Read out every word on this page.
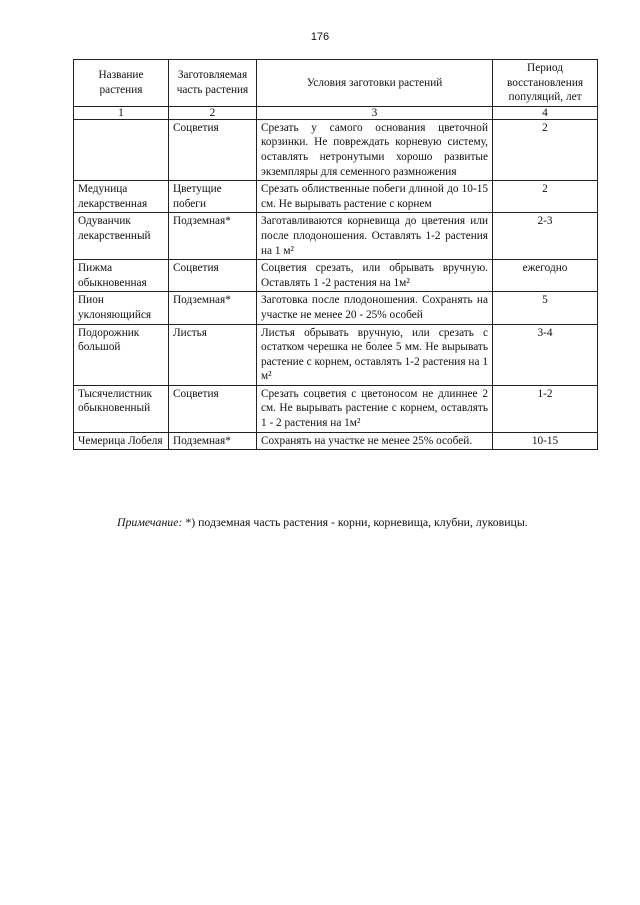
176
Название растения	Заготовляемая часть растения	Условия заготовки растений	Период восстановления популяций, лет
1	2	3	4
	Соцветия	Срезать у самого основания цветочной корзинки. Не повреждать корневую систему, оставлять нетронутыми хорошо развитые экземпляры для семенного размножения	2
Медуница лекарственная	Цветущие побеги	Срезать облиственные побеги длиной до 10-15 см. Не вырывать растение с корнем	2
Одуванчик лекарственный	Подземная*	Заготавливаются корневища до цветения или после плодоношения. Оставлять 1-2 растения на 1 м²	2-3
Пижма обыкновенная	Соцветия	Соцветия срезать, или обрывать вручную. Оставлять 1 -2 растения на 1м²	ежегодно
Пион уклоняющийся	Подземная*	Заготовка после плодоношения. Сохранять на участке не менее 20 - 25% особей	5
Подорожник большой	Листья	Листья обрывать вручную, или срезать с остатком черешка не более 5 мм. Не вырывать растение с корнем, оставлять 1-2 растения на 1 м²	3-4
Тысячелистник обыкновенный	Соцветия	Срезать соцветия с цветоносом не длиннее 2 см. Не вырывать растение с корнем, оставлять 1 - 2 растения на 1м²	1-2
Чемерица Лобеля	Подземная*	Сохранять на участке не менее 25% особей.	10-15
Примечание: *) подземная часть растения - корни, корневища, клубни, луковицы.
